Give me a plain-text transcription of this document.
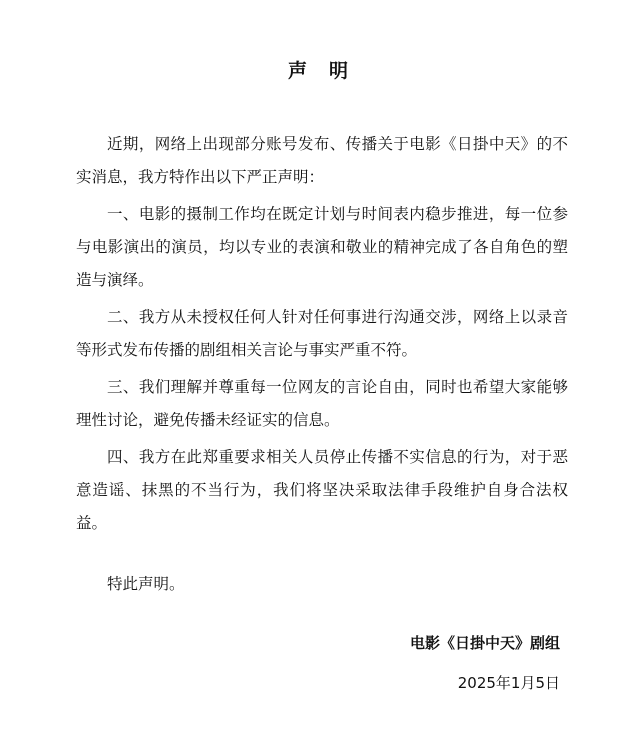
声明

近期，网络上出现部分账号发布、传播关于电影《日掛中天》的不实消息，我方特作出以下严正声明：

一、电影的摄制工作均在既定计划与时间表内稳步推进，每一位参与电影演出的演员，均以专业的表演和敬业的精神完成了各自角色的塑造与演绎。

二、我方从未授权任何人针对任何事进行沟通交涉，网络上以录音等形式发布传播的剧组相关言论与事实严重不符。

三、我们理解并尊重每一位网友的言论自由，同时也希望大家能够理性讨论，避免传播未经证实的信息。

四、我方在此郑重要求相关人员停止传播不实信息的行为，对于恶意造谣、抹黑的不当行为，我们将坚决采取法律手段维护自身合法权益。

特此声明。
电影《日掛中天》剧组
2025年1月5日
